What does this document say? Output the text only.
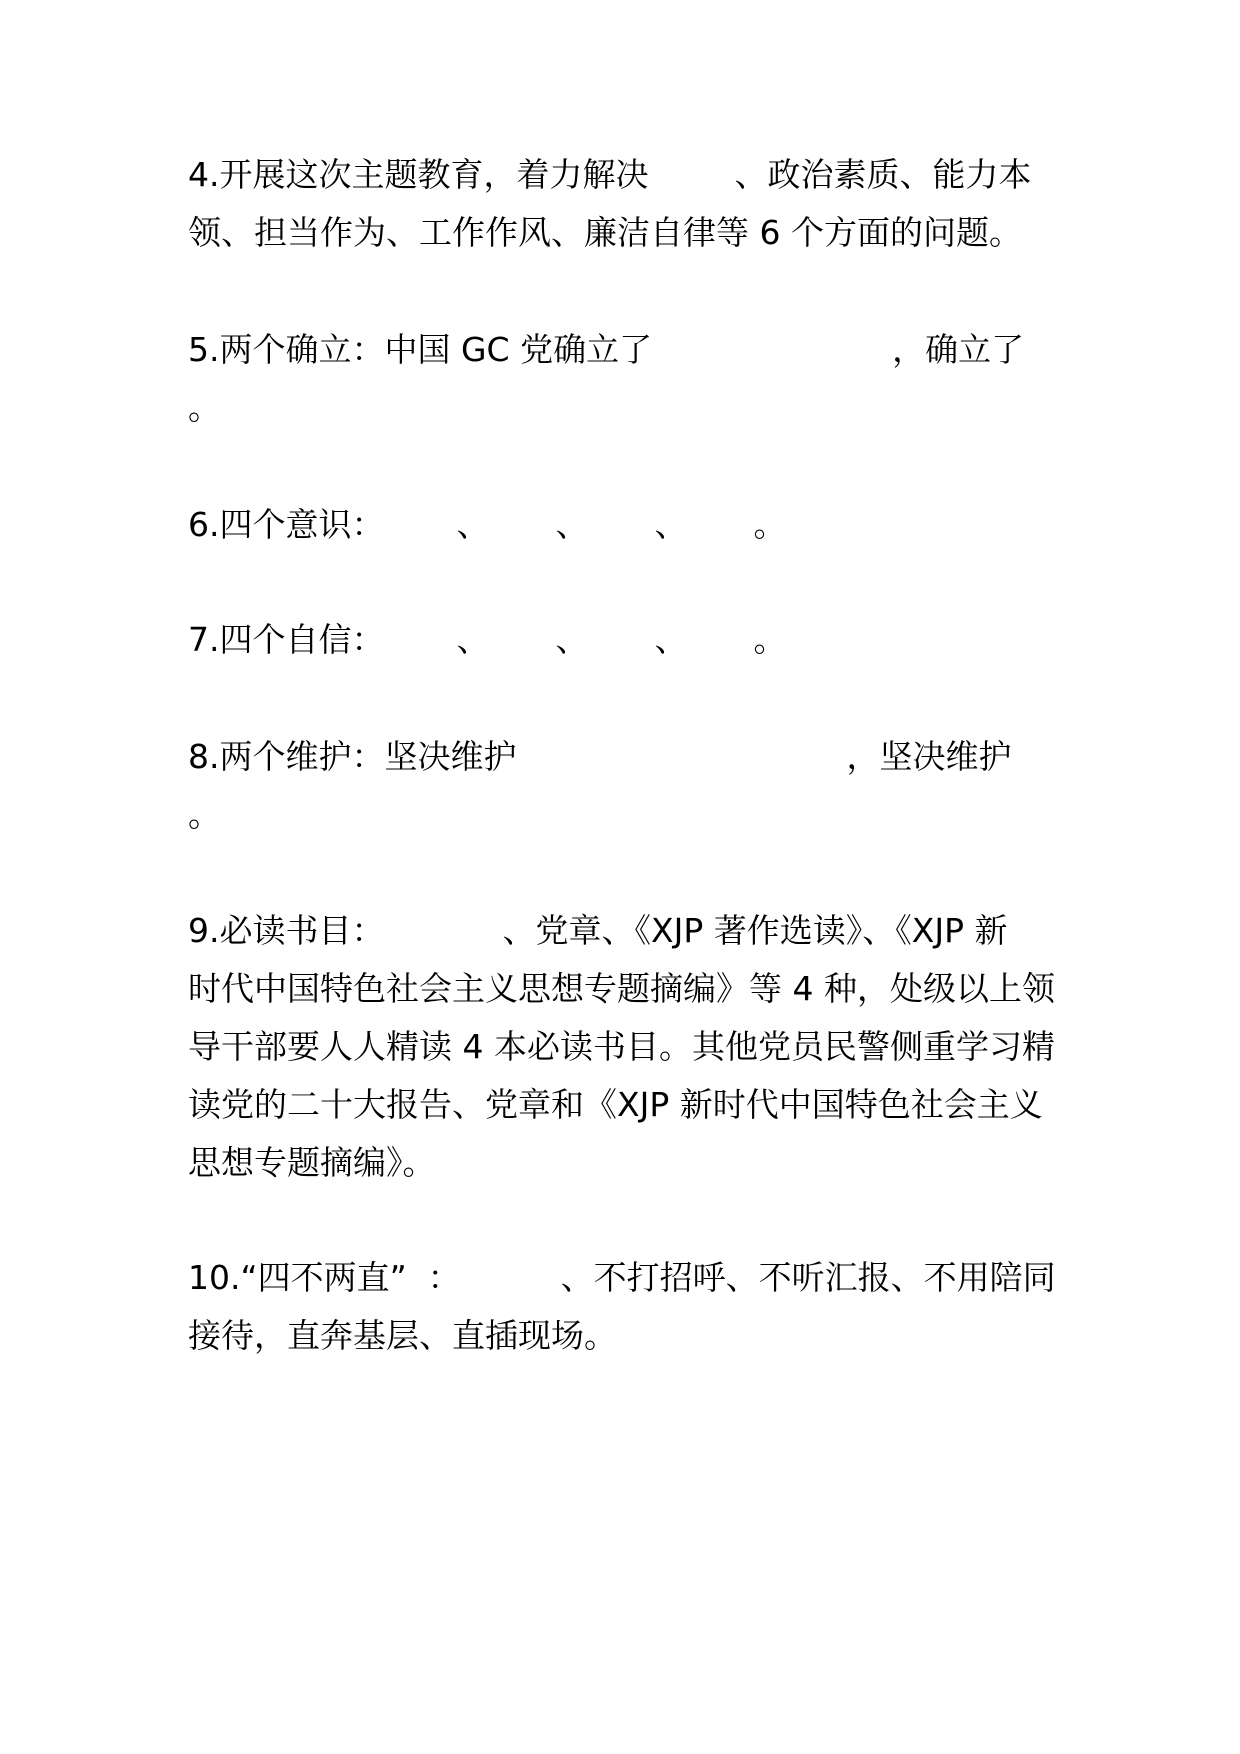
4.开展这次主题教育，着力解决	、政治素质、能力本
领、担当作为、工作作风、廉洁自律等 6 个方面的问题。
5.两个确立：中国 GC 党确立了	，确立了
。
6.四个意识： 、 、 、 。
7.四个自信： 、 、 、 。
8.两个维护：坚决维护	，坚决维护
。
9.必读书目：	、党章、《XJP 著作选读》、《XJP 新
时代中国特色社会主义思想专题摘编》等 4 种，处级以上领
导干部要人人精读 4 本必读书目。其他党员民警侧重学习精
读党的二十大报告、党章和《XJP 新时代中国特色社会主义
思想专题摘编》。
10.“四不两直”  ：	、不打招呼、不听汇报、不用陪同
接待，直奔基层、直插现场。
